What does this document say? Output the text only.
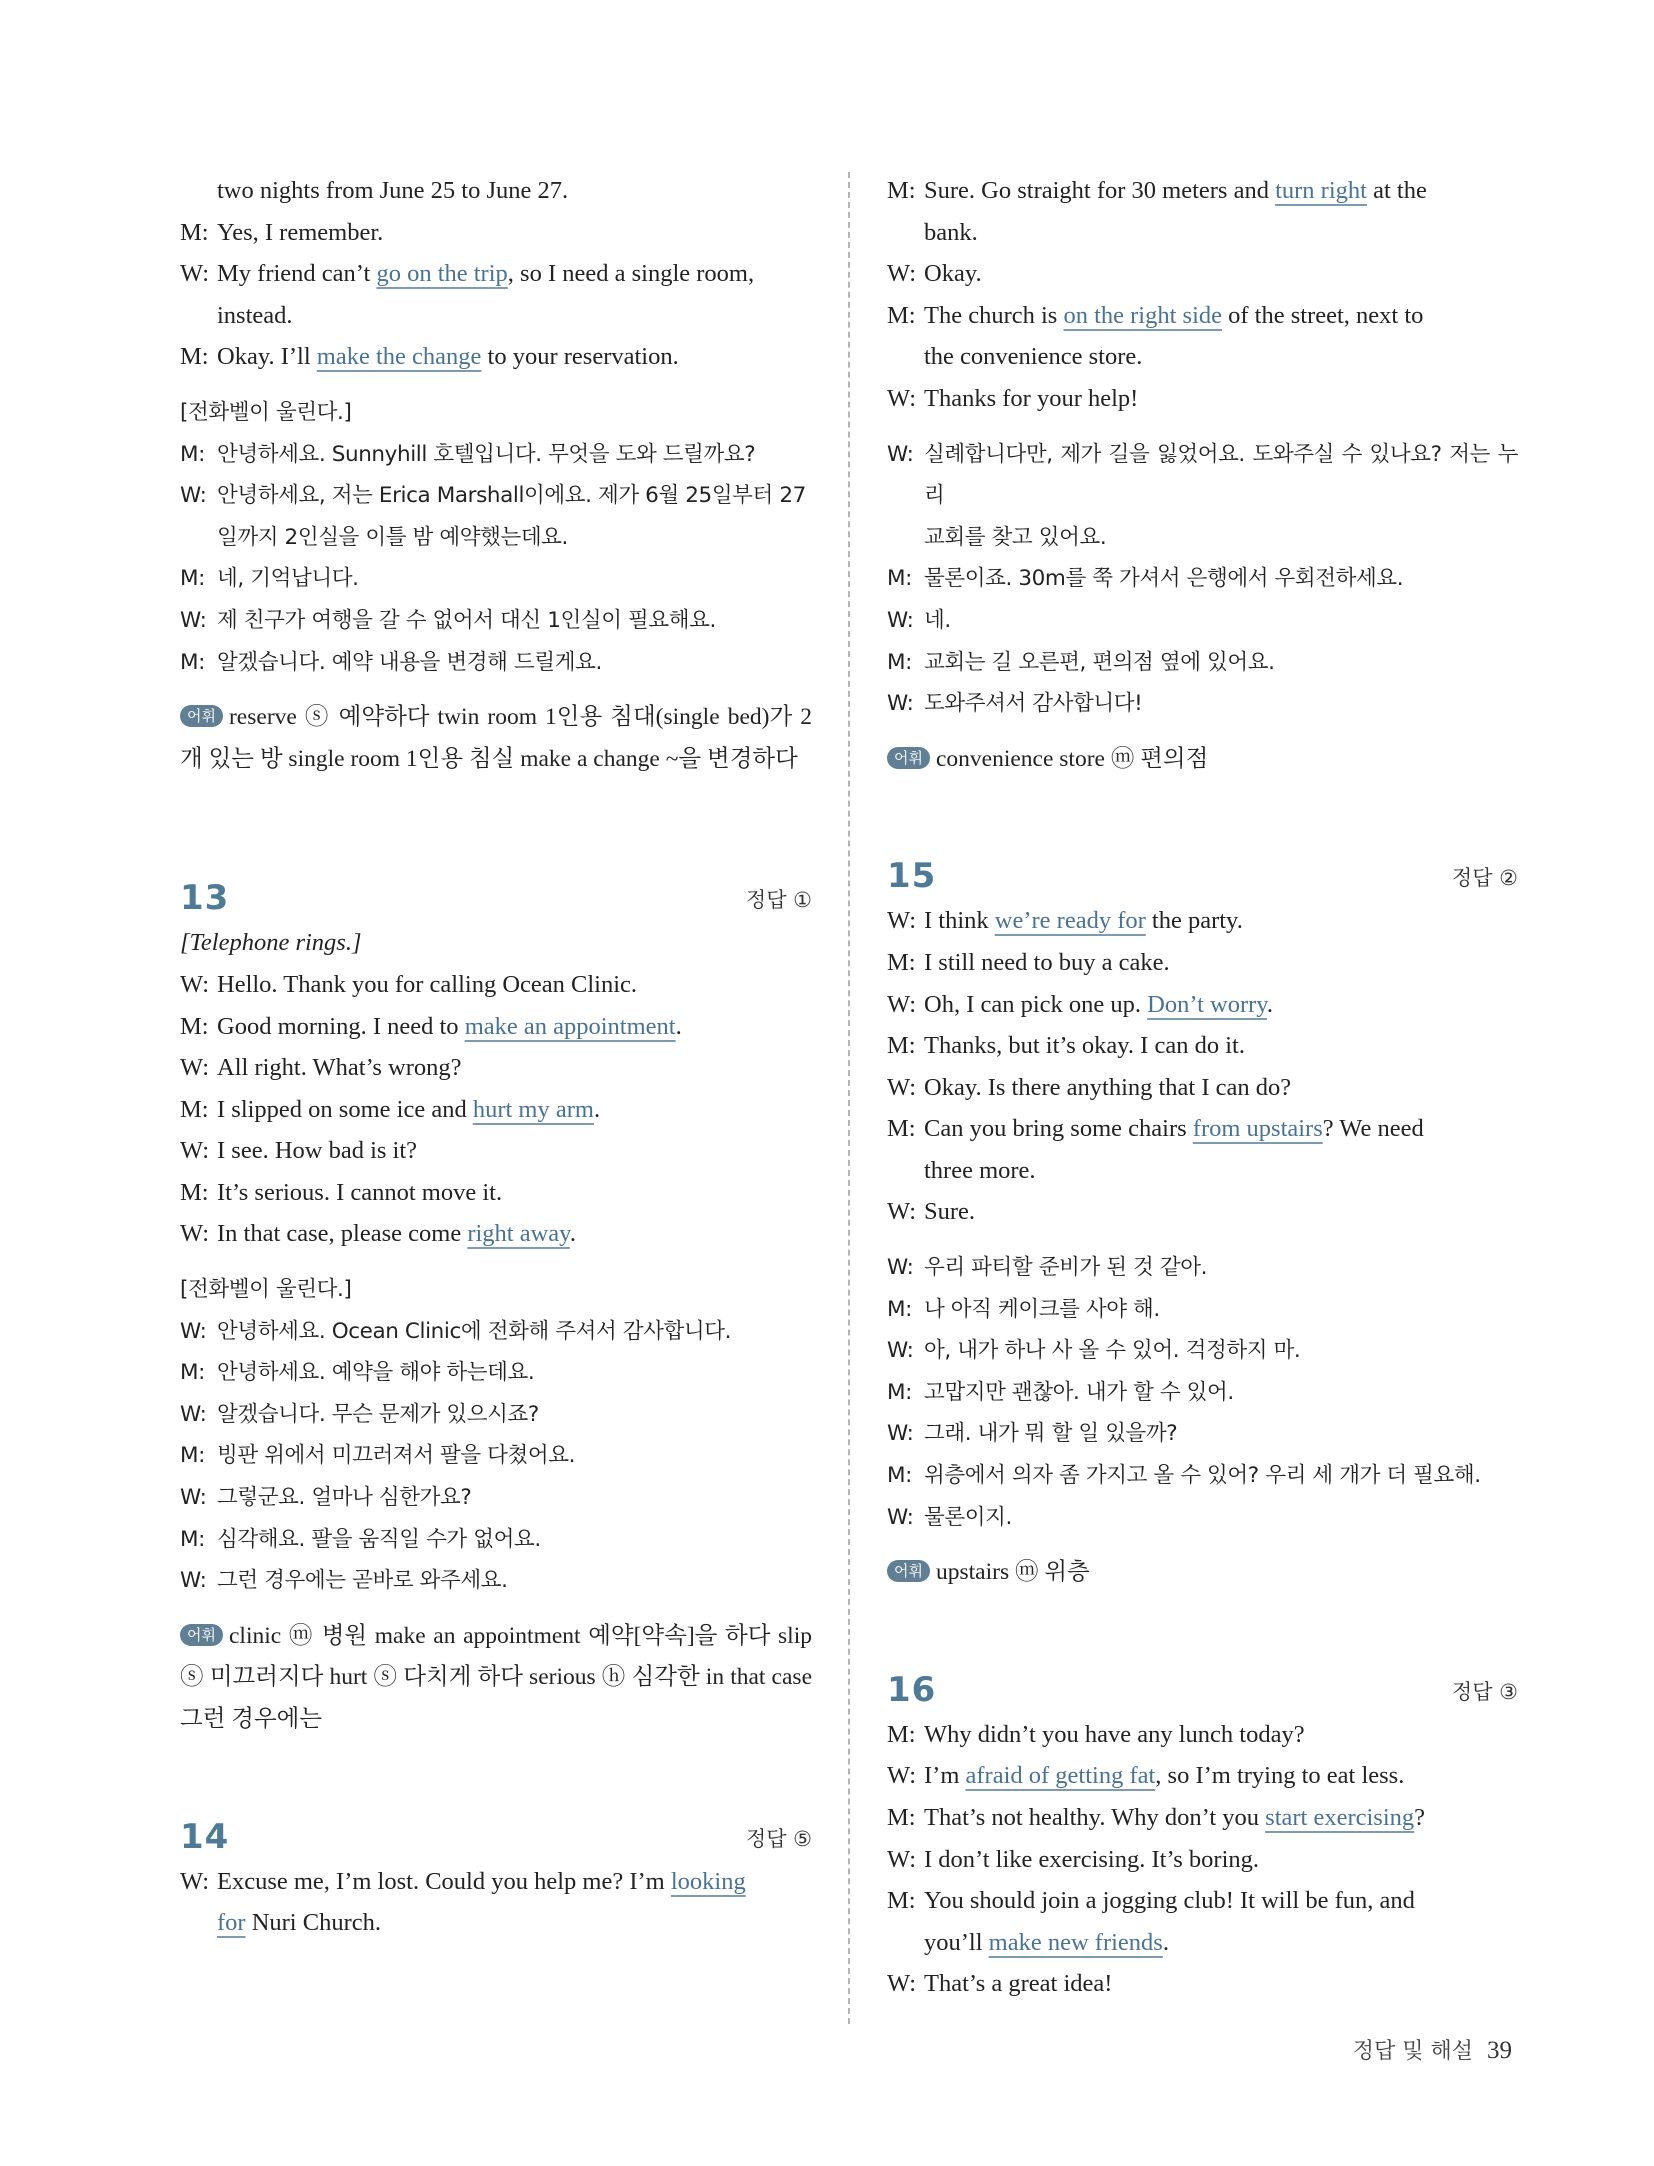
two nights from June 25 to June 27.
M: Yes, I remember.
W: My friend can’t go on the trip, so I need a single room,
instead.
M: Okay. I’ll make the change to your reservation.
[전화벨이 울린다.]
M: 안녕하세요. Sunnyhill 호텔입니다. 무엇을 도와 드릴까요?
W: 안녕하세요, 저는 Erica Marshall이에요. 제가 6월 25일부터 27
일까지 2인실을 이틀 밤 예약했는데요.
M: 네, 기억납니다.
W: 제 친구가 여행을 갈 수 없어서 대신 1인실이 필요해요.
M: 알겠습니다. 예약 내용을 변경해 드릴게요.
어휘 reserve ⓢ 예약하다 twin room 1인용 침대(single bed)가 2개 있는 방 single room 1인용 침실 make a change ~을 변경하다
13	정답 ①
[Telephone rings.]
W: Hello. Thank you for calling Ocean Clinic.
M: Good morning. I need to make an appointment.
W: All right. What’s wrong?
M: I slipped on some ice and hurt my arm.
W: I see. How bad is it?
M: It’s serious. I cannot move it.
W: In that case, please come right away.
[전화벨이 울린다.]
W: 안녕하세요. Ocean Clinic에 전화해 주셔서 감사합니다.
M: 안녕하세요. 예약을 해야 하는데요.
W: 알겠습니다. 무슨 문제가 있으시죠?
M: 빙판 위에서 미끄러져서 팔을 다쳤어요.
W: 그렇군요. 얼마나 심한가요?
M: 심각해요. 팔을 움직일 수가 없어요.
W: 그런 경우에는 곧바로 와주세요.
어휘 clinic ⓜ 병원 make an appointment 예약[약속]을 하다 slip ⓢ 미끄러지다 hurt ⓢ 다치게 하다 serious ⓗ 심각한 in that case 그런 경우에는
14	정답 ⑤
W: Excuse me, I’m lost. Could you help me? I’m looking
for Nuri Church.
M: Sure. Go straight for 30 meters and turn right at the
bank.
W: Okay.
M: The church is on the right side of the street, next to
the convenience store.
W: Thanks for your help!
W: 실례합니다만, 제가 길을 잃었어요. 도와주실 수 있나요? 저는 누리
교회를 찾고 있어요.
M: 물론이죠. 30m를 쭉 가셔서 은행에서 우회전하세요.
W: 네.
M: 교회는 길 오른편, 편의점 옆에 있어요.
W: 도와주셔서 감사합니다!
어휘 convenience store ⓜ 편의점
15	정답 ②
W: I think we’re ready for the party.
M: I still need to buy a cake.
W: Oh, I can pick one up. Don’t worry.
M: Thanks, but it’s okay. I can do it.
W: Okay. Is there anything that I can do?
M: Can you bring some chairs from upstairs? We need
three more.
W: Sure.
W: 우리 파티할 준비가 된 것 같아.
M: 나 아직 케이크를 사야 해.
W: 아, 내가 하나 사 올 수 있어. 걱정하지 마.
M: 고맙지만 괜찮아. 내가 할 수 있어.
W: 그래. 내가 뭐 할 일 있을까?
M: 위층에서 의자 좀 가지고 올 수 있어? 우리 세 개가 더 필요해.
W: 물론이지.
어휘 upstairs ⓜ 위층
16	정답 ③
M: Why didn’t you have any lunch today?
W: I’m afraid of getting fat, so I’m trying to eat less.
M: That’s not healthy. Why don’t you start exercising?
W: I don’t like exercising. It’s boring.
M: You should join a jogging club! It will be fun, and
you’ll make new friends.
W: That’s a great idea!
정답 및 해설 39
